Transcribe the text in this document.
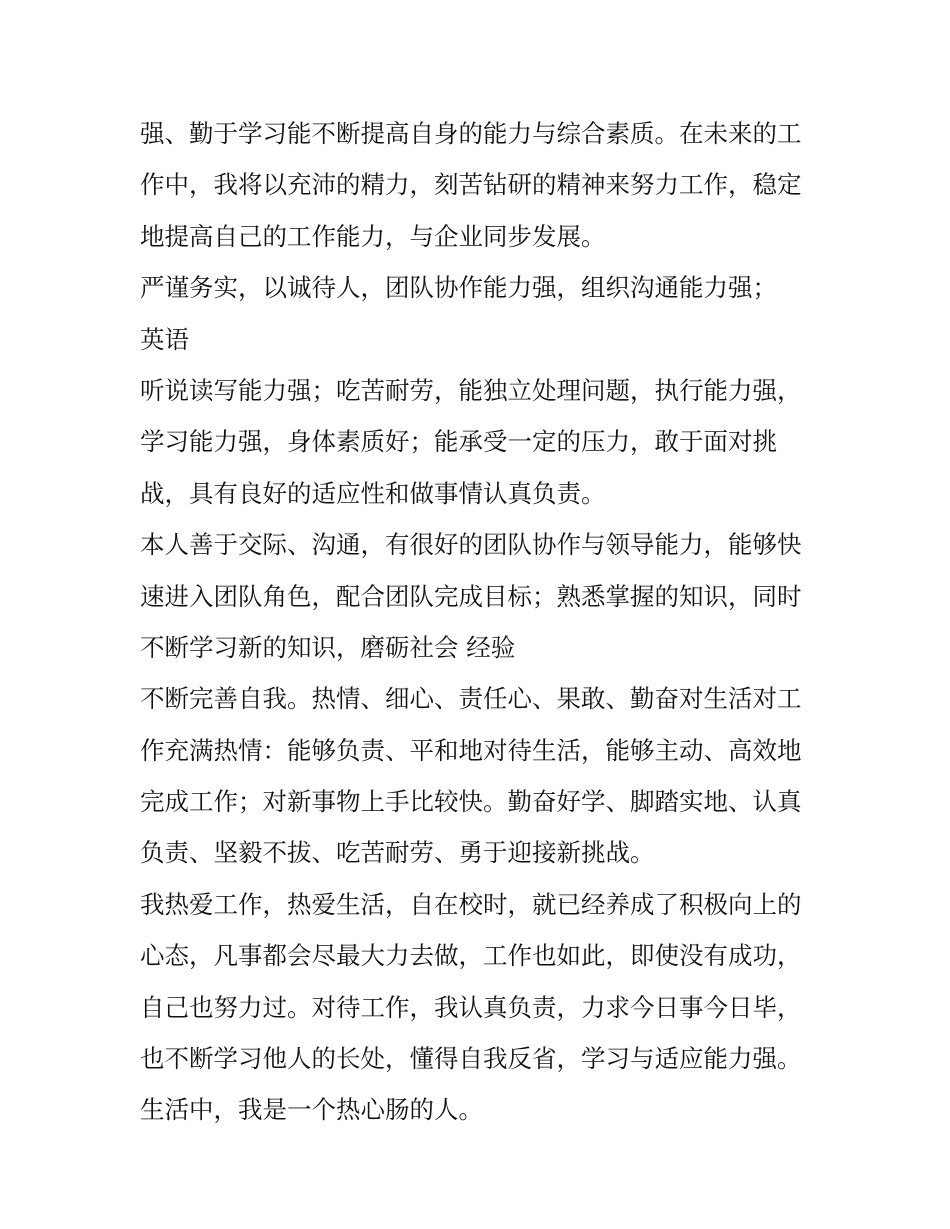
强、勤于学习能不断提高自身的能力与综合素质。在未来的工
作中，我将以充沛的精力，刻苦钻研的精神来努力工作，稳定
地提高自己的工作能力，与企业同步发展。
严谨务实，以诚待人，团队协作能力强，组织沟通能力强；
英语
听说读写能力强；吃苦耐劳，能独立处理问题，执行能力强，
学习能力强，身体素质好；能承受一定的压力，敢于面对挑
战，具有良好的适应性和做事情认真负责。
本人善于交际、沟通，有很好的团队协作与领导能力，能够快
速进入团队角色，配合团队完成目标；熟悉掌握的知识，同时
不断学习新的知识，磨砺社会 经验
不断完善自我。热情、细心、责任心、果敢、勤奋对生活对工
作充满热情：能够负责、平和地对待生活，能够主动、高效地
完成工作；对新事物上手比较快。勤奋好学、脚踏实地、认真
负责、坚毅不拔、吃苦耐劳、勇于迎接新挑战。
我热爱工作，热爱生活，自在校时，就已经养成了积极向上的
心态，凡事都会尽最大力去做，工作也如此，即使没有成功，
自己也努力过。对待工作，我认真负责，力求今日事今日毕，
也不断学习他人的长处，懂得自我反省，学习与适应能力强。
生活中，我是一个热心肠的人。
